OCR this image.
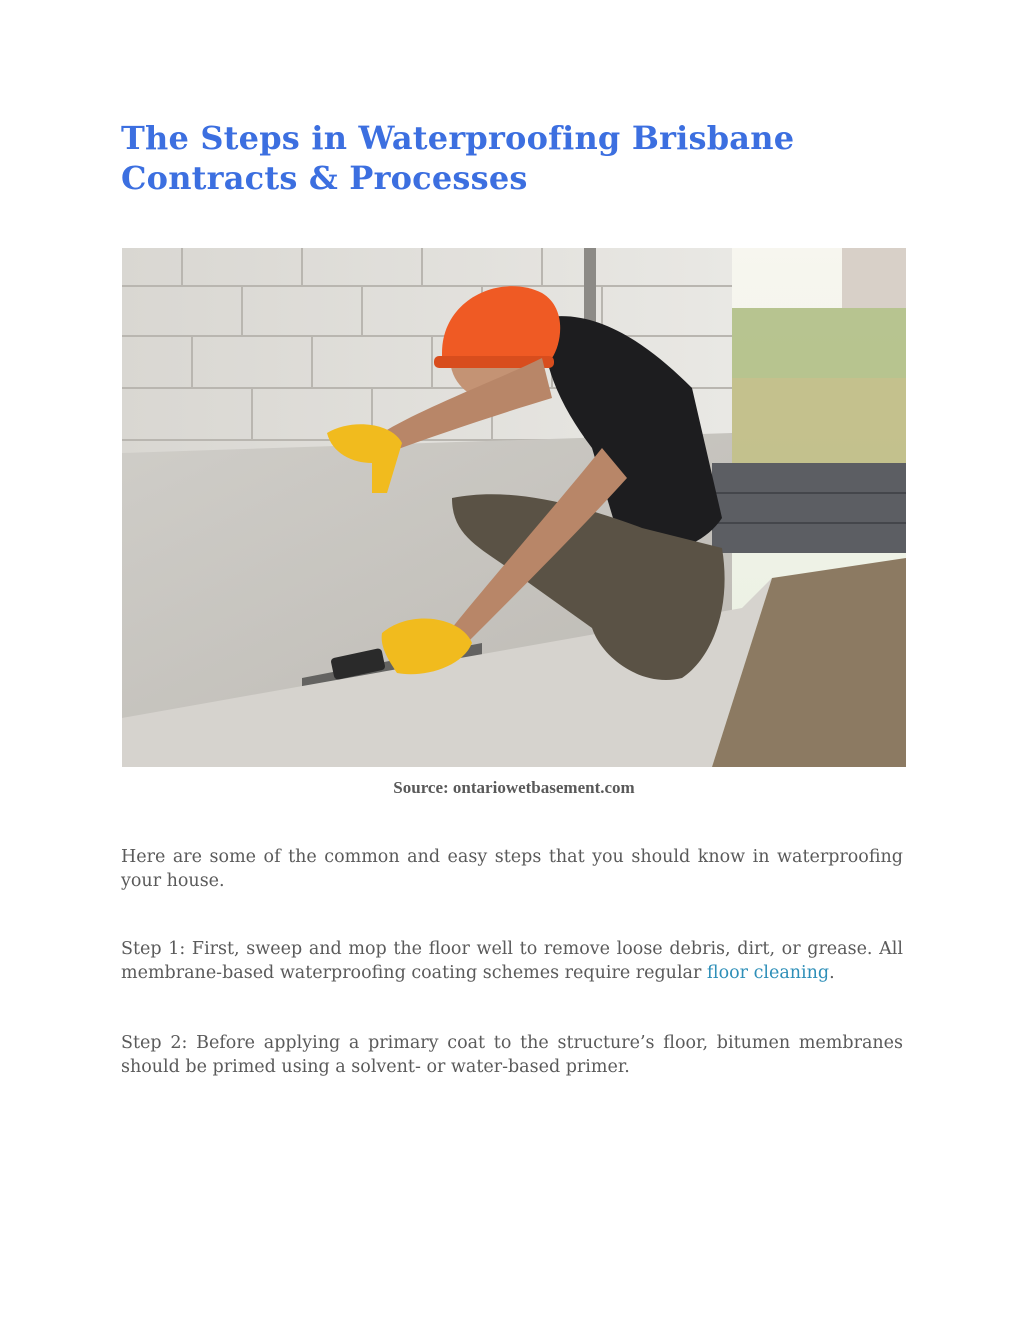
The Steps in Waterproofing Brisbane Contracts & Processes

Source: ontariowetbasement.com

Here are some of the common and easy steps that you should know in waterproofing your house.

Step 1: First, sweep and mop the floor well to remove loose debris, dirt, or grease. All membrane-based waterproofing coating schemes require regular floor cleaning.

Step 2: Before applying a primary coat to the structure’s floor, bitumen membranes should be primed using a solvent- or water-based primer.
